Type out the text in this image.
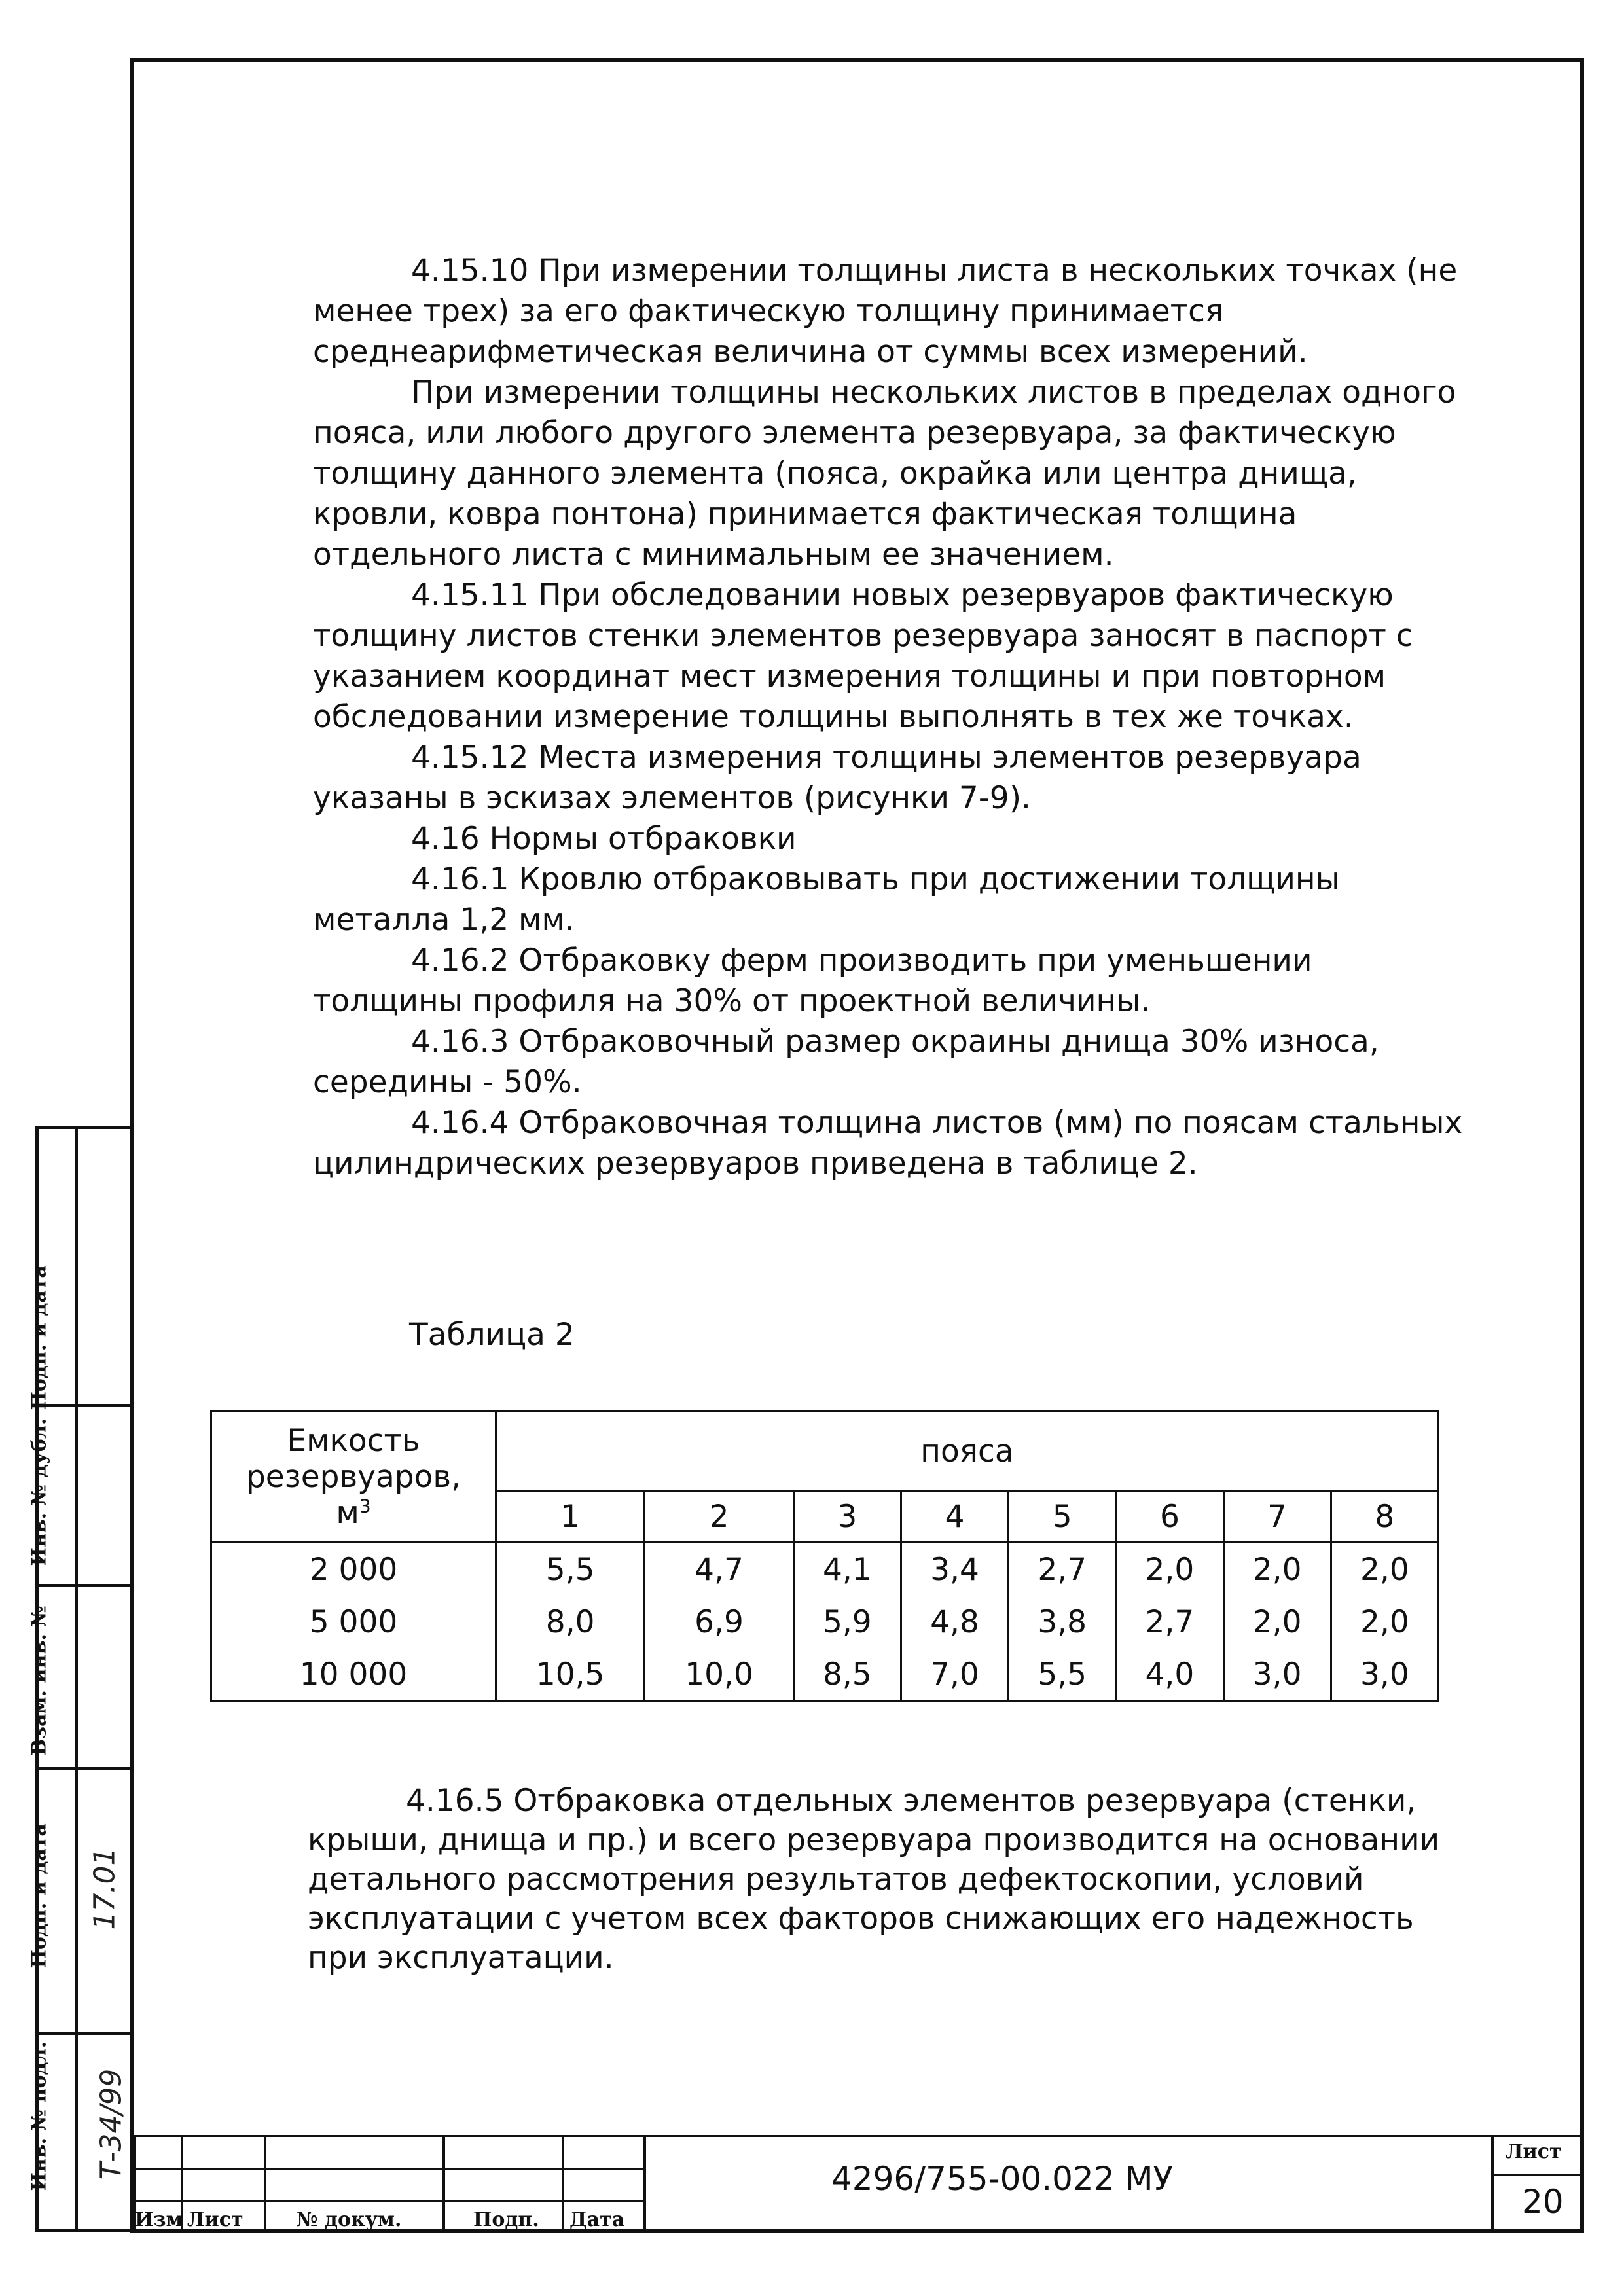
4.15.10 При измерении толщины листа в нескольких точках (не менее трех) за его фактическую толщину принимается среднеарифметическая величина от суммы всех измерений.

При измерении толщины нескольких листов в пределах одного пояса, или любого другого элемента резервуара, за фактическую толщину данного элемента (пояса, окрайка или центра днища, кровли, ковра понтона) принимается фактическая толщина отдельного листа с минимальным ее значением.

4.15.11 При обследовании новых резервуаров фактическую толщину листов стенки элементов резервуара заносят в паспорт с указанием координат мест измерения толщины и при повторном обследовании измерение толщины выполнять в тех же точках.

4.15.12 Места измерения толщины элементов резервуара указаны в эскизах элементов (рисунки 7-9).

4.16 Нормы отбраковки

4.16.1 Кровлю отбраковывать при достижении толщины металла 1,2 мм.

4.16.2 Отбраковку ферм производить при уменьшении толщины профиля на 30% от проектной величины.

4.16.3 Отбраковочный размер окраины днища 30% износа, середины - 50%.

4.16.4 Отбраковочная толщина листов (мм) по поясам стальных цилиндрических резервуаров приведена в таблице 2.

Таблица 2
Емкость резервуаров,
$м^3$	пояса							
	1	2	3	4	5	6	7	8
2 000	5,5	4,7	4,1	3,4	2,7	2,0	2,0	2,0
5 000	8,0	6,9	5,9	4,8	3,8	2,7	2,0	2,0
10 000	10,5	10,0	8,5	7,0	5,5	4,0	3,0	3,0

4.16.5 Отбраковка отдельных элементов резервуара (стенки, крыши, днища и пр.) и всего резервуара производится на основании детального рассмотрения результатов дефектоскопии, условий эксплуатации с учетом всех факторов снижающих его надежность при эксплуатации.

Подп. и дата
Инв. № дубл.
Взам. инв. №
Подп. и дата
Инв. № подл. Т-34/99
17.01
Изм Лист	№ докум.	Подп. Дата
4296/755-00.022 МУ
Лист
20
